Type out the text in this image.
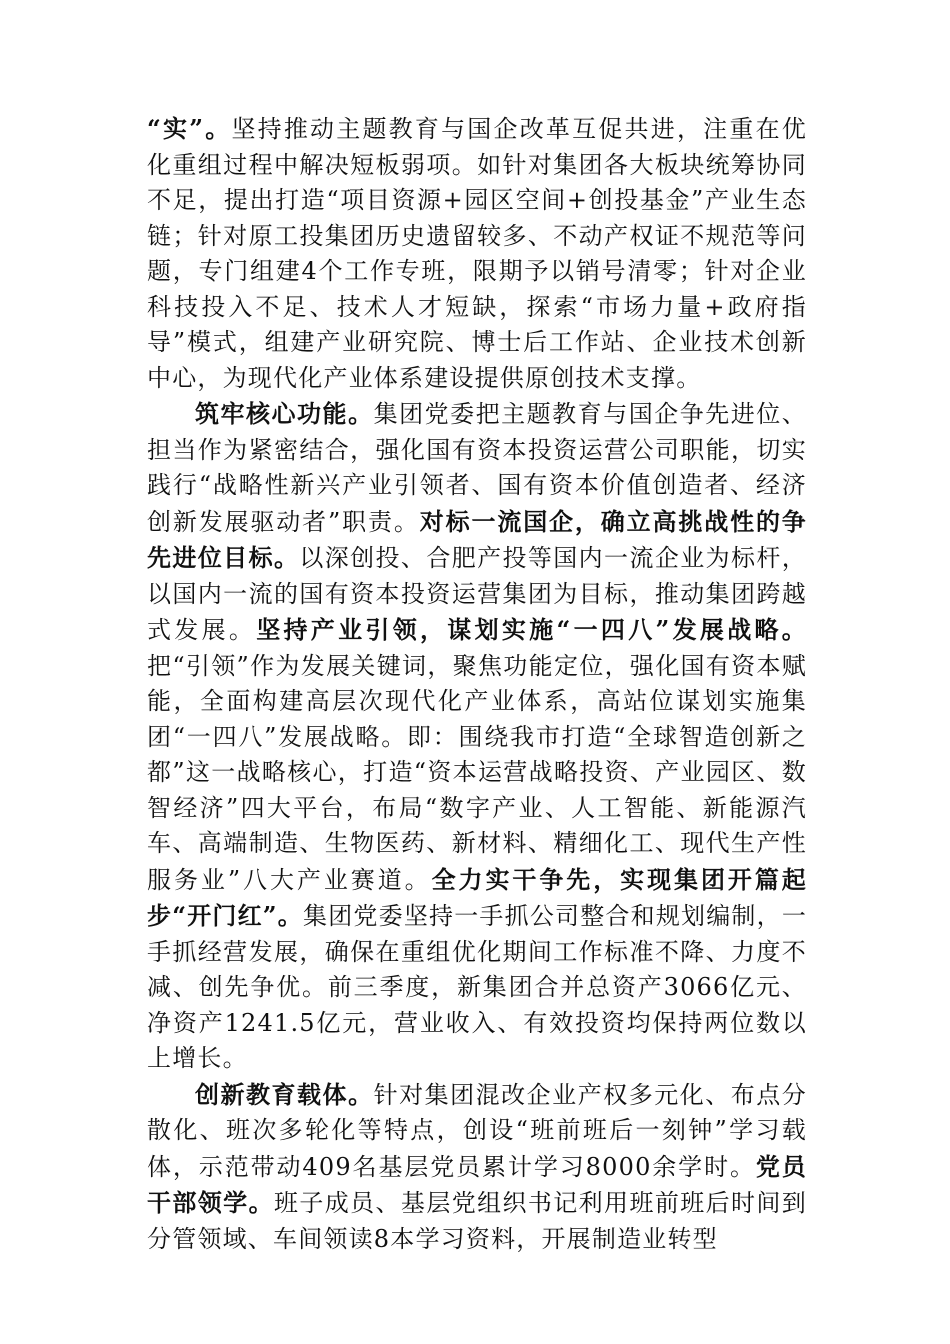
“实”。坚持推动主题教育与国企改革互促共进，注重在优化重组过程中解决短板弱项。如针对集团各大板块统筹协同不足，提出打造“项目资源+园区空间+创投基金”产业生态链；针对原工投集团历史遗留较多、不动产权证不规范等问题，专门组建4个工作专班，限期予以销号清零；针对企业科技投入不足、技术人才短缺，探索“市场力量+政府指导”模式，组建产业研究院、博士后工作站、企业技术创新中心，为现代化产业体系建设提供原创技术支撑。

筑牢核心功能。集团党委把主题教育与国企争先进位、担当作为紧密结合，强化国有资本投资运营公司职能，切实践行“战略性新兴产业引领者、国有资本价值创造者、经济创新发展驱动者”职责。对标一流国企，确立高挑战性的争先进位目标。以深创投、合肥产投等国内一流企业为标杆，以国内一流的国有资本投资运营集团为目标，推动集团跨越式发展。坚持产业引领，谋划实施“一四八”发展战略。把“引领”作为发展关键词，聚焦功能定位，强化国有资本赋能，全面构建高层次现代化产业体系，高站位谋划实施集团“一四八”发展战略。即：围绕我市打造“全球智造创新之都”这一战略核心，打造“资本运营战略投资、产业园区、数智经济”四大平台，布局“数字产业、人工智能、新能源汽车、高端制造、生物医药、新材料、精细化工、现代生产性服务业”八大产业赛道。全力实干争先，实现集团开篇起步“开门红”。集团党委坚持一手抓公司整合和规划编制，一手抓经营发展，确保在重组优化期间工作标准不降、力度不减、创先争优。前三季度，新集团合并总资产3066亿元、净资产1241.5亿元，营业收入、有效投资均保持两位数以上增长。

创新教育载体。针对集团混改企业产权多元化、布点分散化、班次多轮化等特点，创设“班前班后一刻钟”学习载体，示范带动409名基层党员累计学习8000余学时。党员干部领学。班子成员、基层党组织书记利用班前班后时间到分管领域、车间领读8本学习资料，开展制造业转型
